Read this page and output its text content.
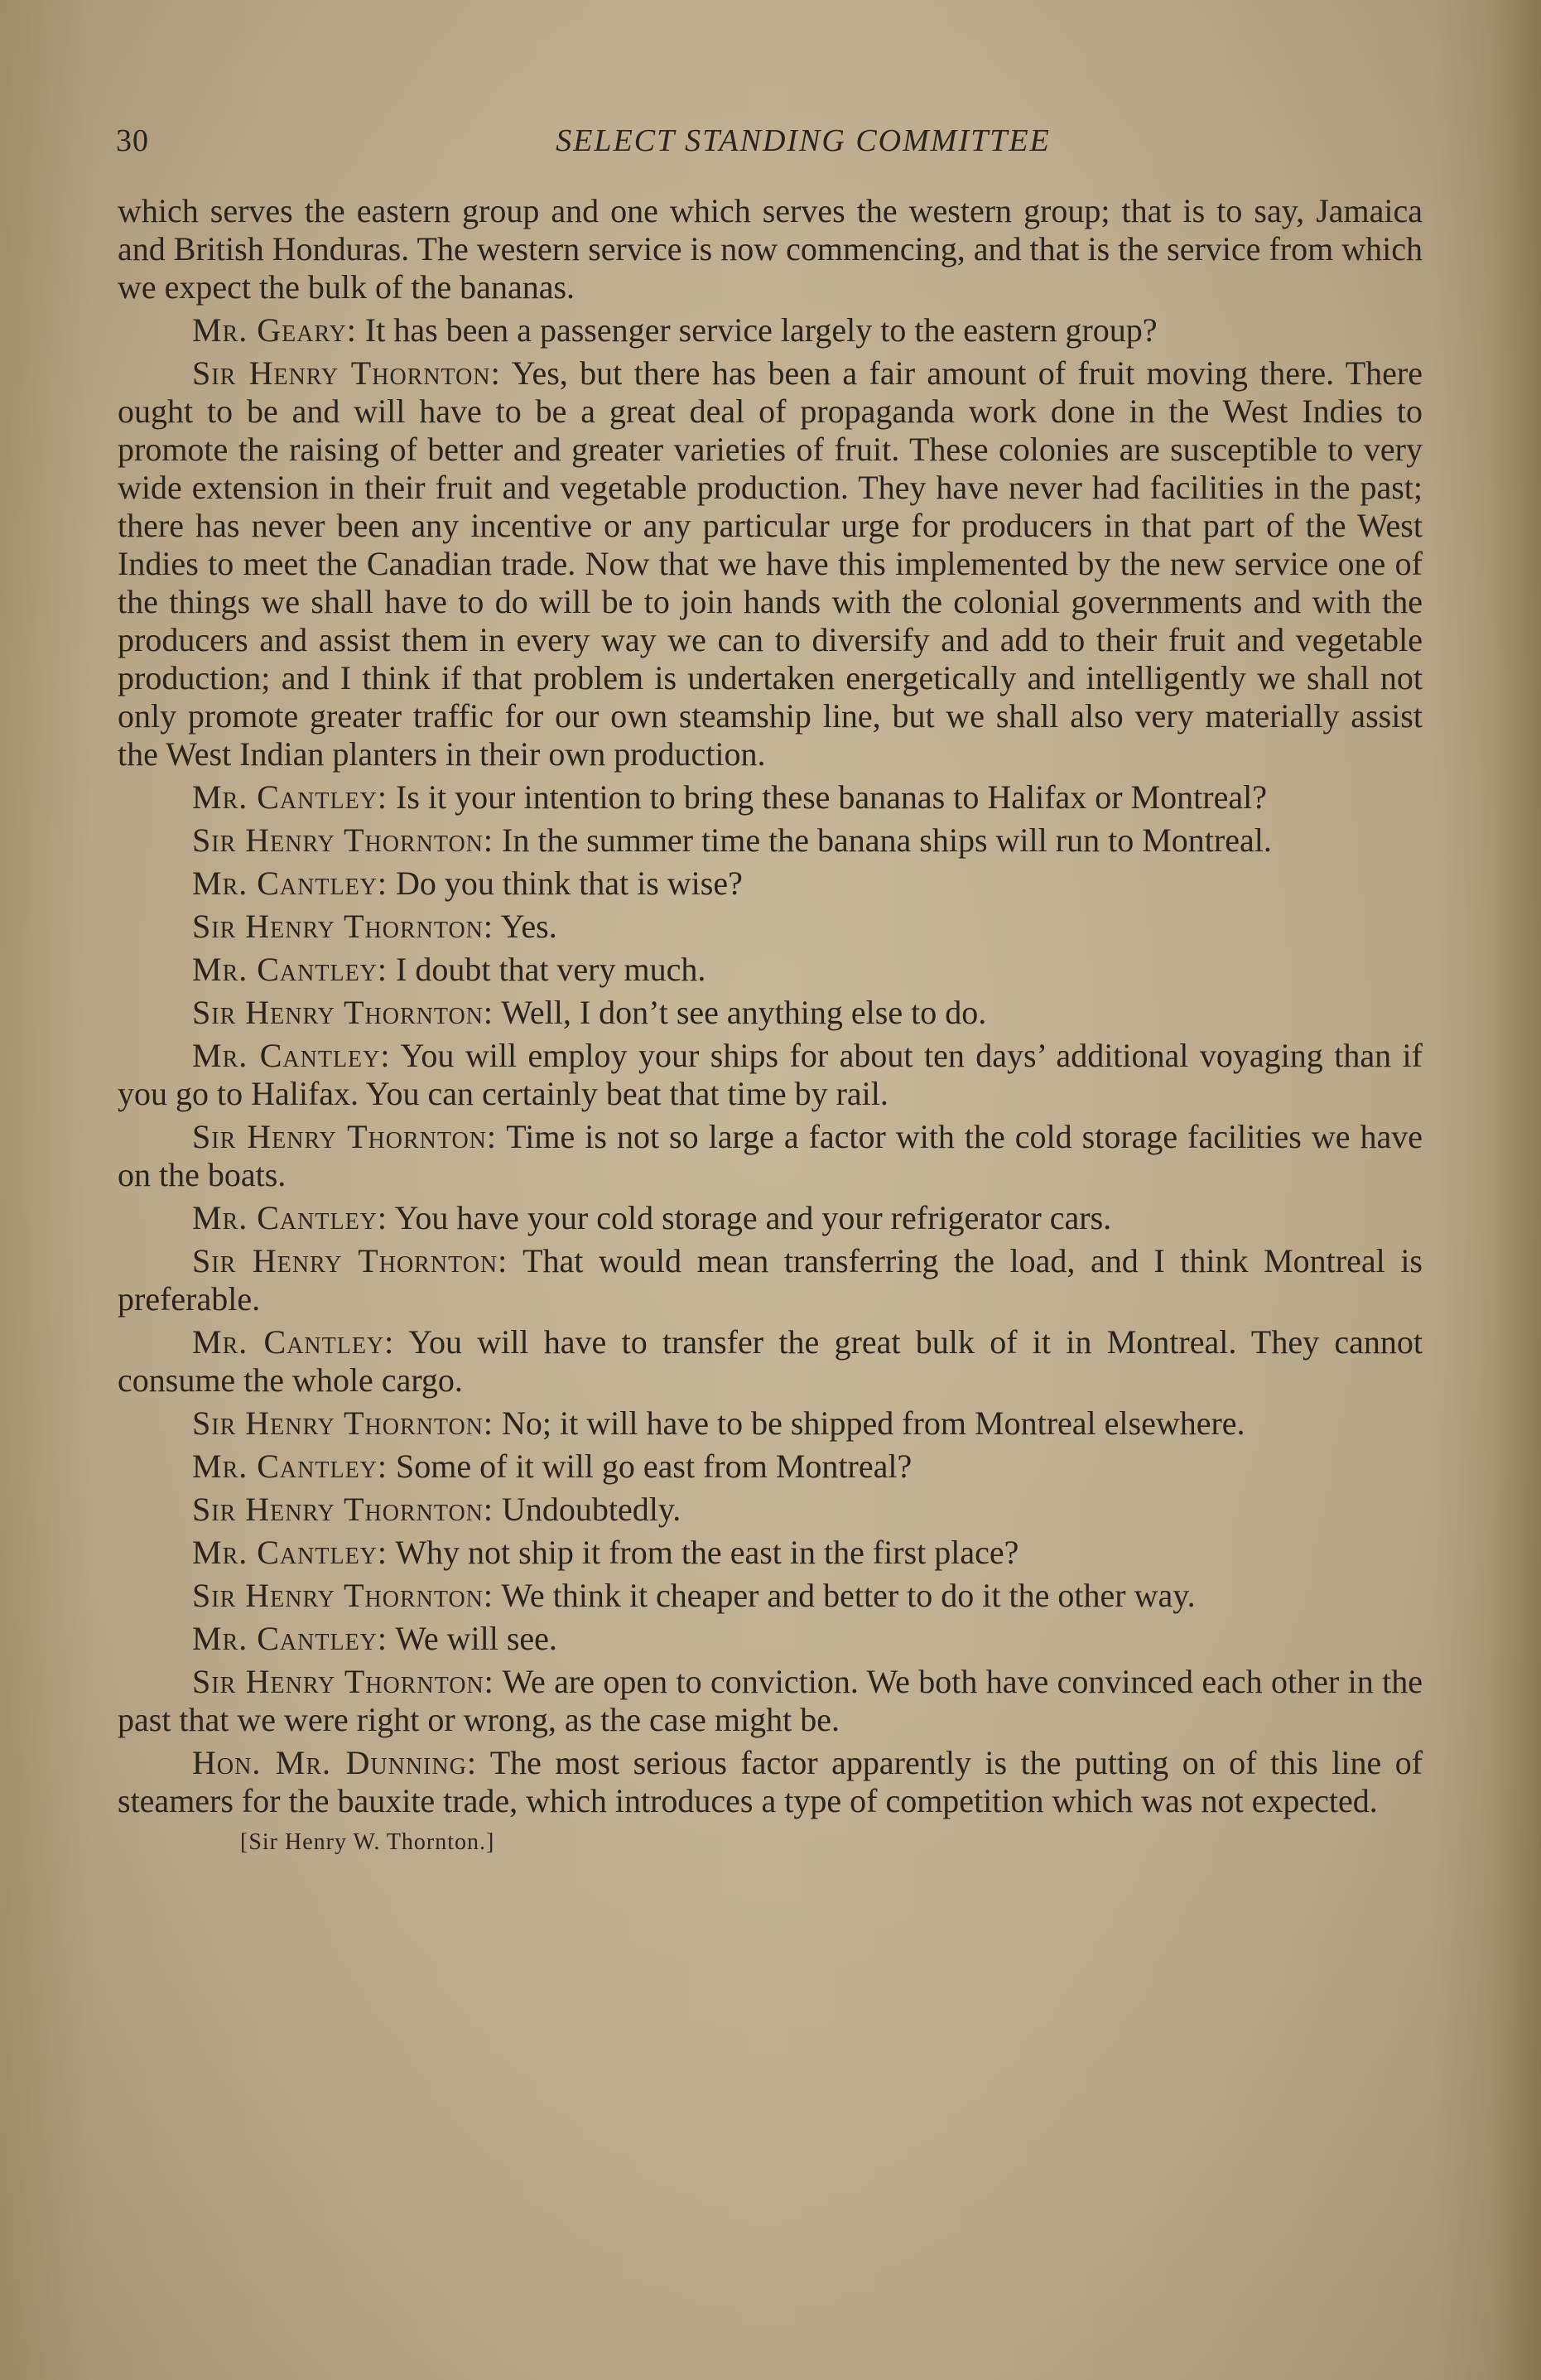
30	SELECT STANDING COMMITTEE

which serves the eastern group and one which serves the western group; that is to say, Jamaica and British Honduras. The western service is now commencing, and that is the service from which we expect the bulk of the bananas.

Mr. Geary: It has been a passenger service largely to the eastern group?

Sir Henry Thornton: Yes, but there has been a fair amount of fruit moving there. There ought to be and will have to be a great deal of propaganda work done in the West Indies to promote the raising of better and greater varieties of fruit. These colonies are susceptible to very wide extension in their fruit and vegetable production. They have never had facilities in the past; there has never been any incentive or any particular urge for producers in that part of the West Indies to meet the Canadian trade. Now that we have this implemented by the new service one of the things we shall have to do will be to join hands with the colonial governments and with the producers and assist them in every way we can to diversify and add to their fruit and vegetable production; and I think if that problem is undertaken energetically and intelligently we shall not only promote greater traffic for our own steamship line, but we shall also very materially assist the West Indian planters in their own production.

Mr. Cantley: Is it your intention to bring these bananas to Halifax or Montreal?

Sir Henry Thornton: In the summer time the banana ships will run to Montreal.

Mr. Cantley: Do you think that is wise?

Sir Henry Thornton: Yes.

Mr. Cantley: I doubt that very much.

Sir Henry Thornton: Well, I don’t see anything else to do.

Mr. Cantley: You will employ your ships for about ten days’ additional voyaging than if you go to Halifax. You can certainly beat that time by rail.

Sir Henry Thornton: Time is not so large a factor with the cold storage facilities we have on the boats.

Mr. Cantley: You have your cold storage and your refrigerator cars.

Sir Henry Thornton: That would mean transferring the load, and I think Montreal is preferable.

Mr. Cantley: You will have to transfer the great bulk of it in Montreal. They cannot consume the whole cargo.

Sir Henry Thornton: No; it will have to be shipped from Montreal elsewhere.

Mr. Cantley: Some of it will go east from Montreal?

Sir Henry Thornton: Undoubtedly.

Mr. Cantley: Why not ship it from the east in the first place?

Sir Henry Thornton: We think it cheaper and better to do it the other way.

Mr. Cantley: We will see.

Sir Henry Thornton: We are open to conviction. We both have convinced each other in the past that we were right or wrong, as the case might be.

Hon. Mr. Dunning: The most serious factor apparently is the putting on of this line of steamers for the bauxite trade, which introduces a type of competition which was not expected.

[Sir Henry W. Thornton.]
